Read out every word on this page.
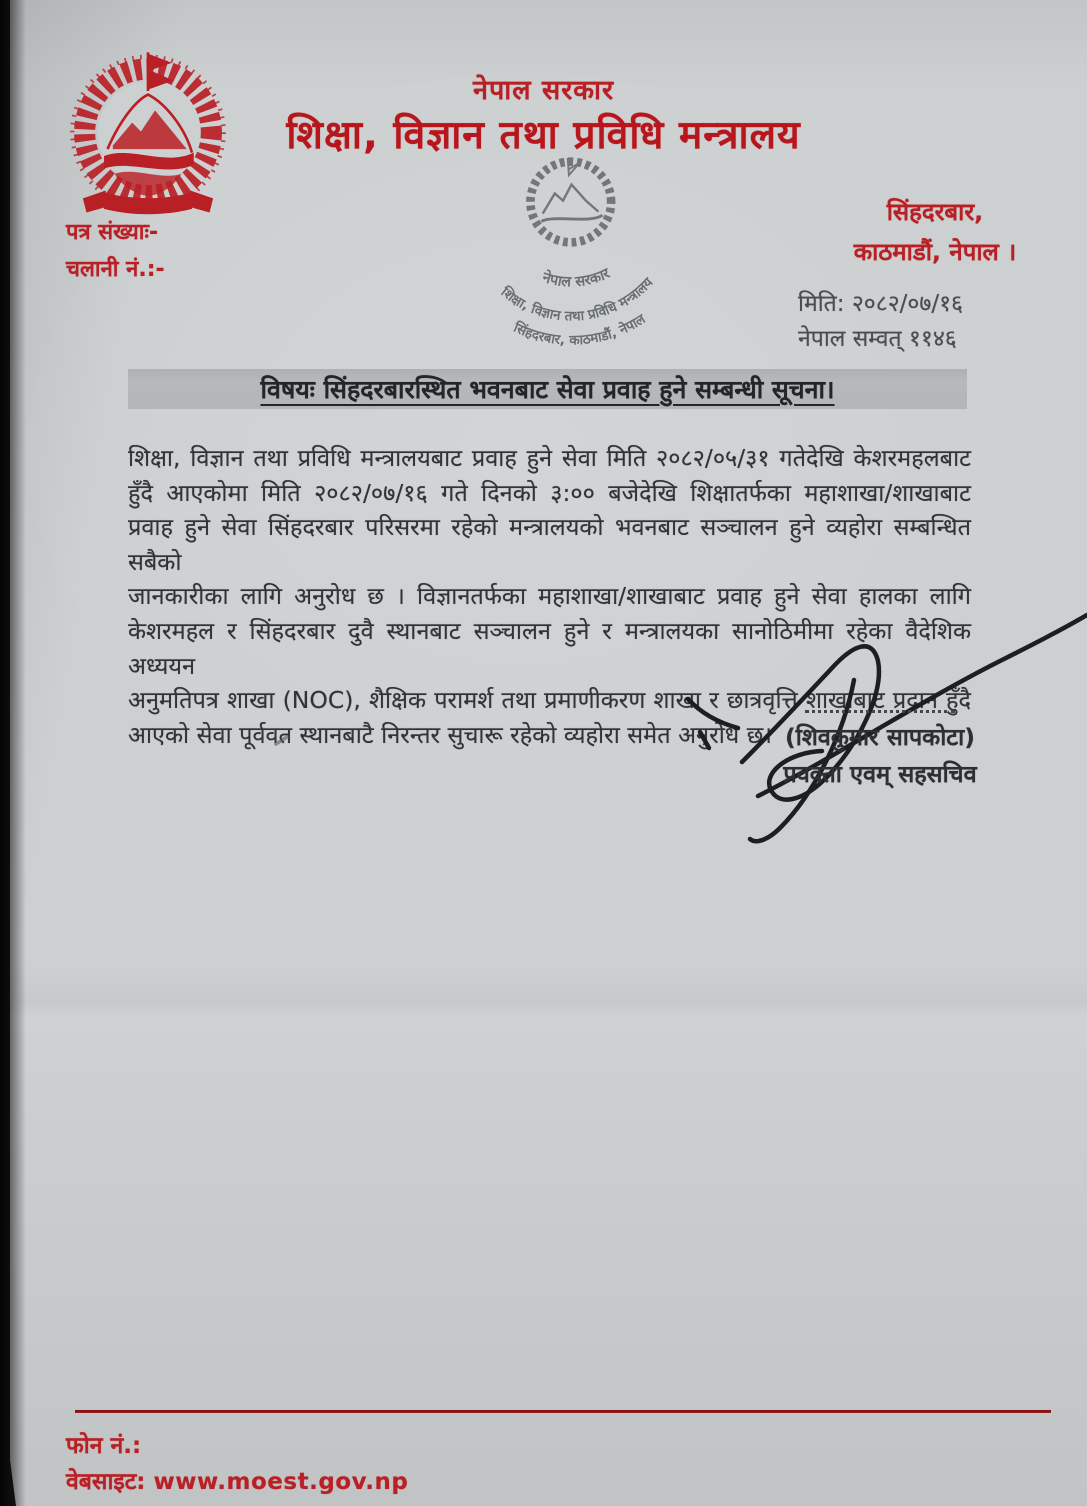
नेपाल सरकार
शिक्षा, विज्ञान तथा प्रविधि मन्त्रालय
नेपाल सरकार
शिक्षा, विज्ञान तथा प्रविधि मन्त्रालय
सिंहदरबार, काठमाडौं, नेपाल
पत्र संख्याः-
चलानी नं.:-
सिंहदरबार,
काठमाडौं, नेपाल ।
मिति: २०८२/०७/१६
नेपाल सम्वत् ११४६
विषयः सिंहदरबारस्थित भवनबाट सेवा प्रवाह हुने सम्बन्धी सूचना।
शिक्षा, विज्ञान तथा प्रविधि मन्त्रालयबाट प्रवाह हुने सेवा मिति २०८२/०५/३१ गतेदेखि केशरमहलबाट
हुँदै आएकोमा मिति २०८२/०७/१६ गते दिनको ३:०० बजेदेखि शिक्षातर्फका महाशाखा/शाखाबाट
प्रवाह हुने सेवा सिंहदरबार परिसरमा रहेको मन्त्रालयको भवनबाट सञ्चालन हुने व्यहोरा सम्बन्धित सबैको
जानकारीका लागि अनुरोध छ । विज्ञानतर्फका महाशाखा/शाखाबाट प्रवाह हुने सेवा हालका लागि
केशरमहल र सिंहदरबार दुवै स्थानबाट सञ्चालन हुने र मन्त्रालयका सानोठिमीमा रहेका वैदेशिक अध्ययन
अनुमतिपत्र शाखा (NOC), शैक्षिक परामर्श तथा प्रमाणीकरण शाखा र छात्रवृत्ति शाखाबाट प्रदान हुँदै
आएको सेवा पूर्ववत स्थानबाटै निरन्तर सुचारू रहेको व्यहोरा समेत अनुरोध छ। (शिवकुमार सापकोटा)
प्रवक्ता एवम् सहसचिव
फोन नं.:
वेबसाइट: www.moest.gov.np
